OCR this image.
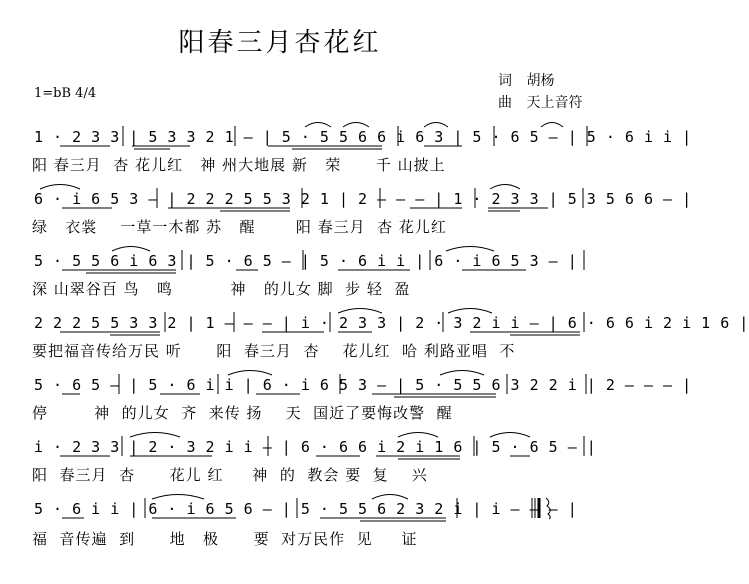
阳春三月杏花红
1=bB 4/4
词 胡杨
曲 天上音符
1 · 2 3 3 | 5 3 3 2 1 – | 5 · 5 5 6 6 i 6 3 | 5 · 6 5 – | 5 · 6 i i |
阳 春三月  杏 花儿红   神 州大地展 新   荣      千 山披上
6 · i 6 5 3 – | 2 2 2 5 5 3 2 1 | 2 – – – | 1 · 2 3 3 | 5 3 5 6 6 – |
绿   衣裳    一草一木都 苏   醒       阳 春三月  杏 花儿红
5 · 5 5 6 i 6 3 | 5 · 6 5 – | 5 · 6 i i | 6 · i 6 5 3 – |
深 山翠谷百 鸟   鸣          神   的儿女 脚  步 轻  盈
2 2 2 5 5 3 3 2 | 1 – – – | i · 2 3 3 | 2 · 3 2 i i – | 6 · 6 6 i 2 i 1 6 |
要把福音传给万民 听      阳  春三月  杏    花儿红  哈 利路亚唱  不
5 · 6 5 – | 5 · 6 i i | 6 · i 6 5 3 – | 5 · 5 5 6 3 2 2 i | 2 – – – |
停        神  的儿女  齐  来传 扬    天  国近了要悔改警  醒
i · 2 3 3 | 2 · 3 2 i i – | 6 · 6 6 i 2 i 1 6 | 5 · 6 5 – |
阳  春三月  杏      花儿 红     神  的  教会 要  复    兴
5 · 6 i i | 6 · i 6 5 6 – | 5 · 5 5 6 2 3 2 i | i – – – |
福  音传遍  到      地   极      要  对万民作  见     证
